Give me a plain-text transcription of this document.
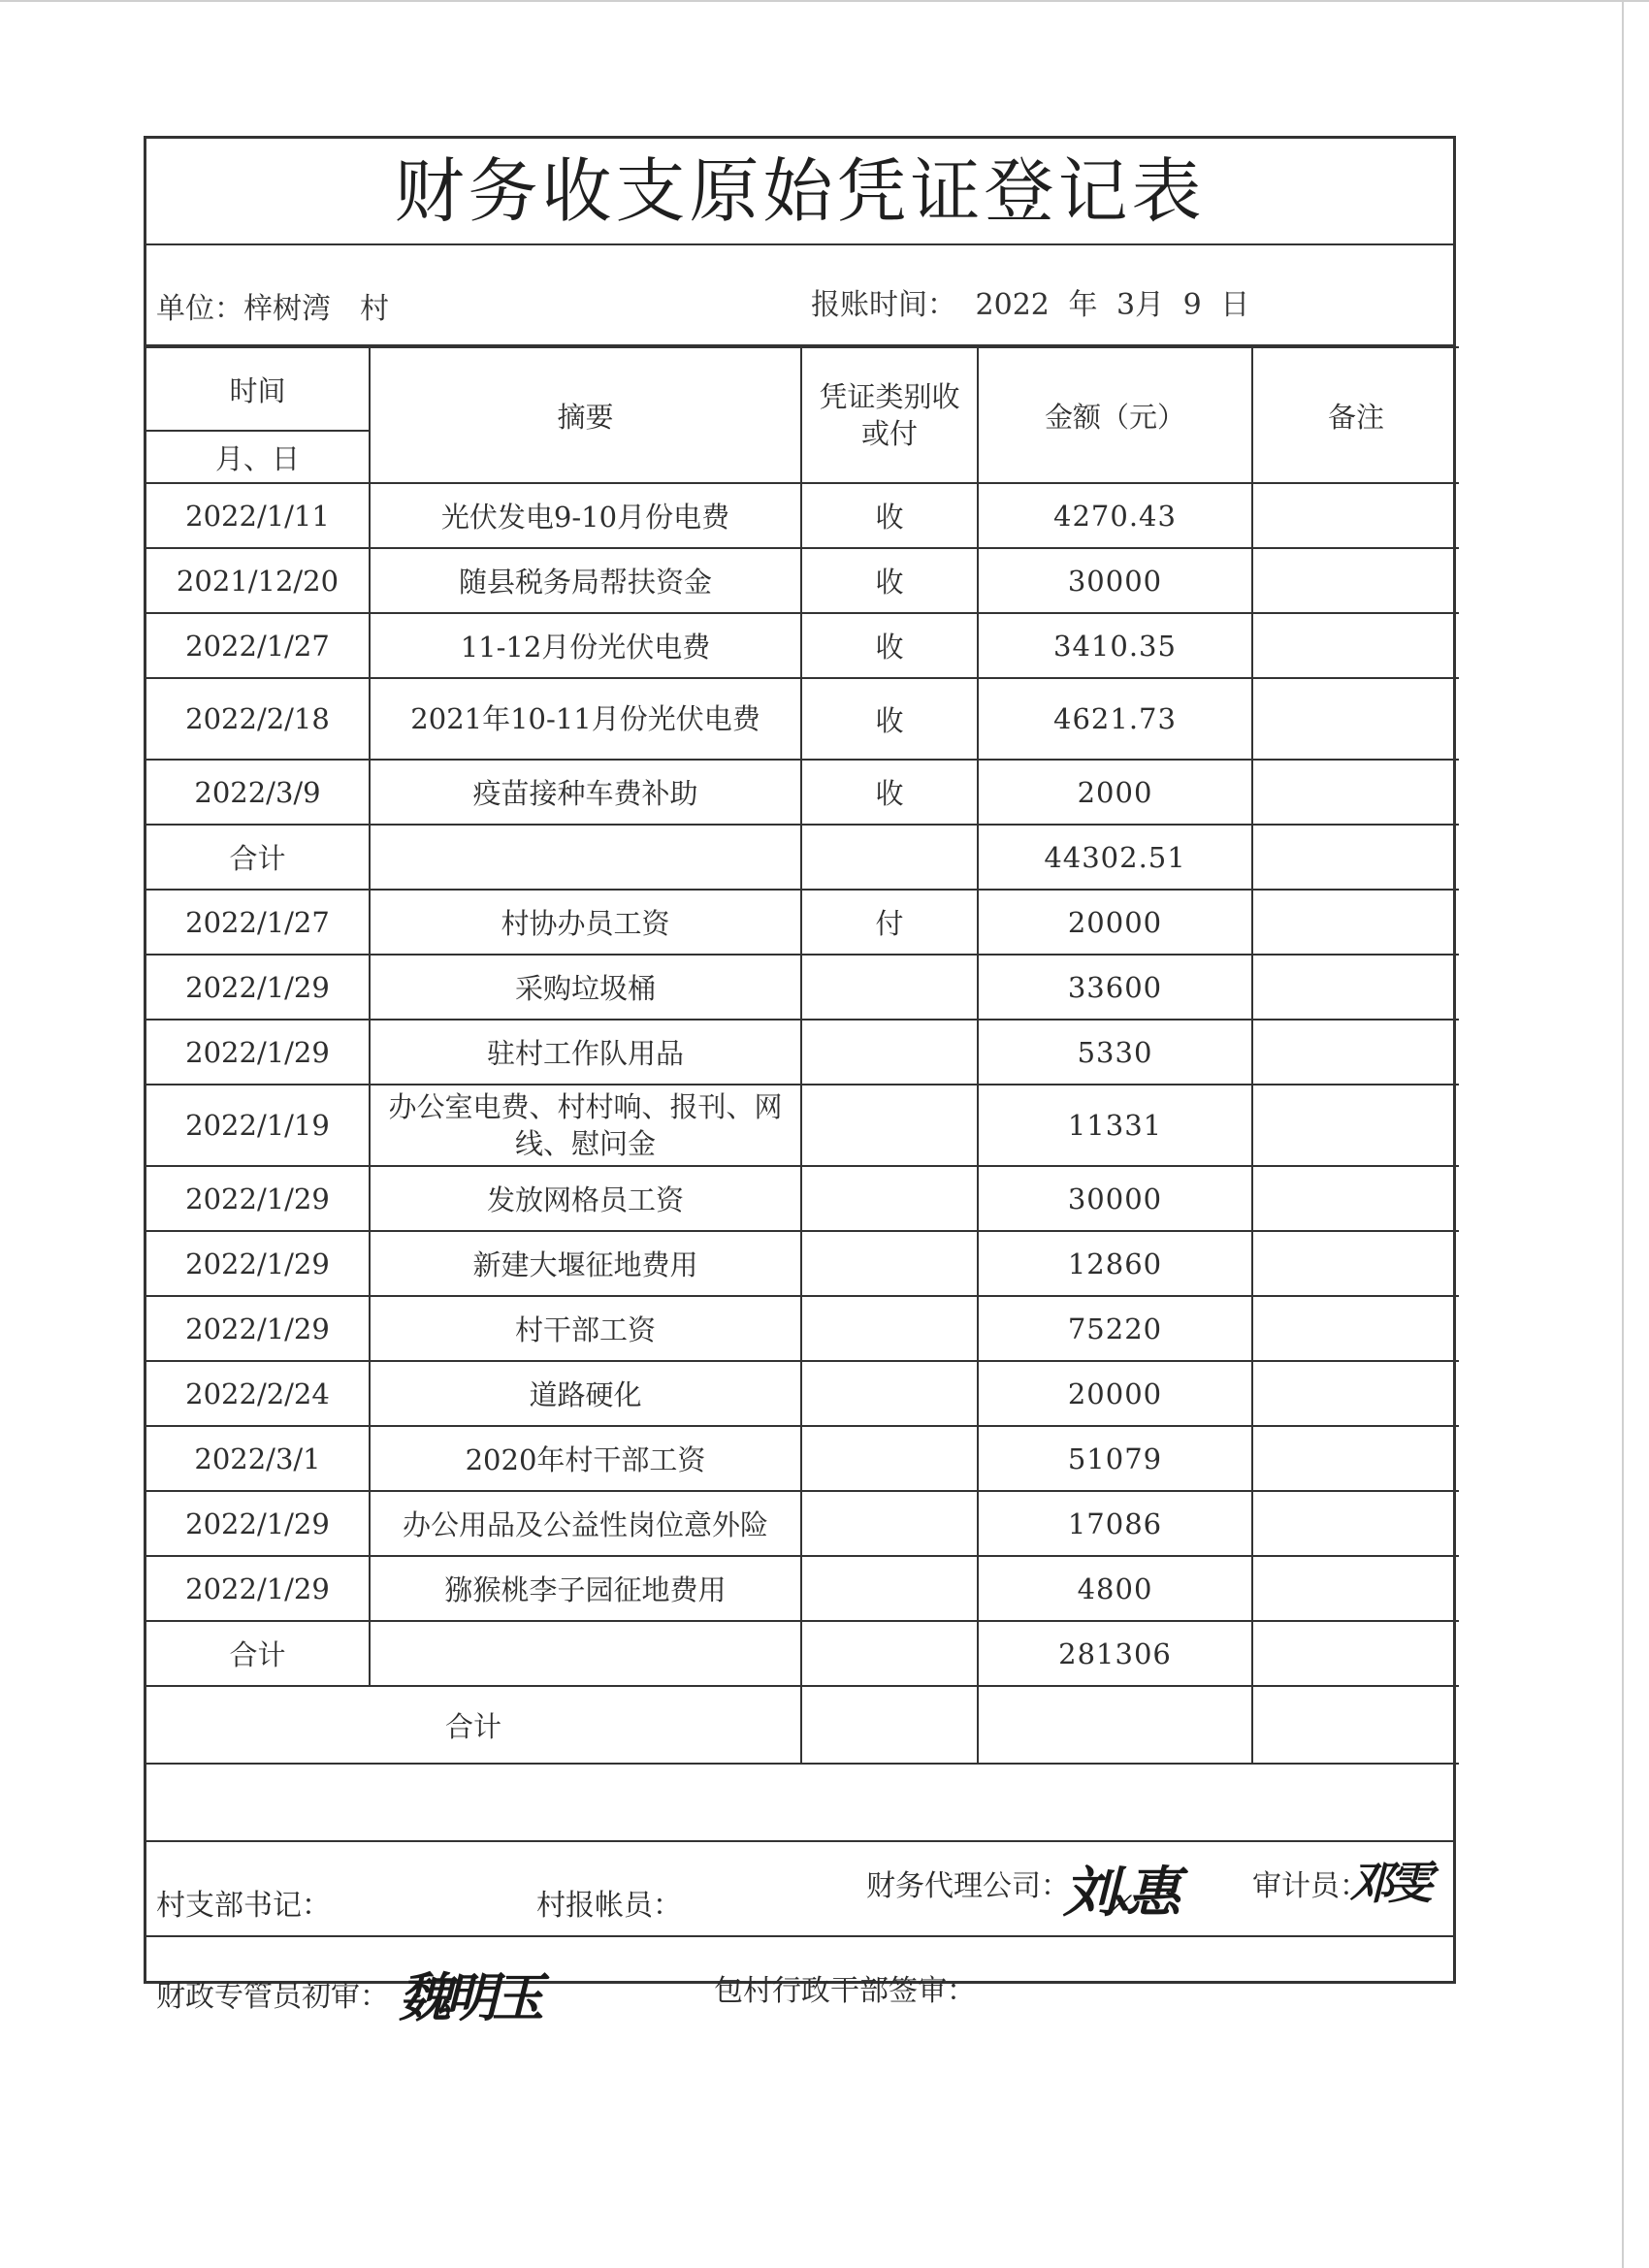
财务收支原始凭证登记表
单位：梓树湾　村	报账时间： 2022 年 3月 9 日
时间	摘要	凭证类别收或付	金额（元）	备注
月、日				
2022/1/11	光伏发电9-10月份电费	收	4270.43	
2021/12/20	随县税务局帮扶资金	收	30000	
2022/1/27	11-12月份光伏电费	收	3410.35	
2022/2/18	2021年10-11月份光伏电费	收	4621.73	
2022/3/9	疫苗接种车费补助	收	2000	
合计			44302.51	
2022/1/27	村协办员工资	付	20000	
2022/1/29	采购垃圾桶		33600	
2022/1/29	驻村工作队用品		5330	
2022/1/19	办公室电费、村村响、报刊、网线、慰问金		11331	
2022/1/29	发放网格员工资		30000	
2022/1/29	新建大堰征地费用		12860	
2022/1/29	村干部工资		75220	
2022/2/24	道路硬化		20000	
2022/3/1	2020年村干部工资		51079	
2022/1/29	办公用品及公益性岗位意外险		17086	
2022/1/29	猕猴桃李子园征地费用		4800	
合计			281306	
合计				
村支部书记：	村报帐员：
财务代理公司：
刘ₓ惠	审计员：
邓雯
财政专管员初审： 魏明玉	包村行政干部签审：
